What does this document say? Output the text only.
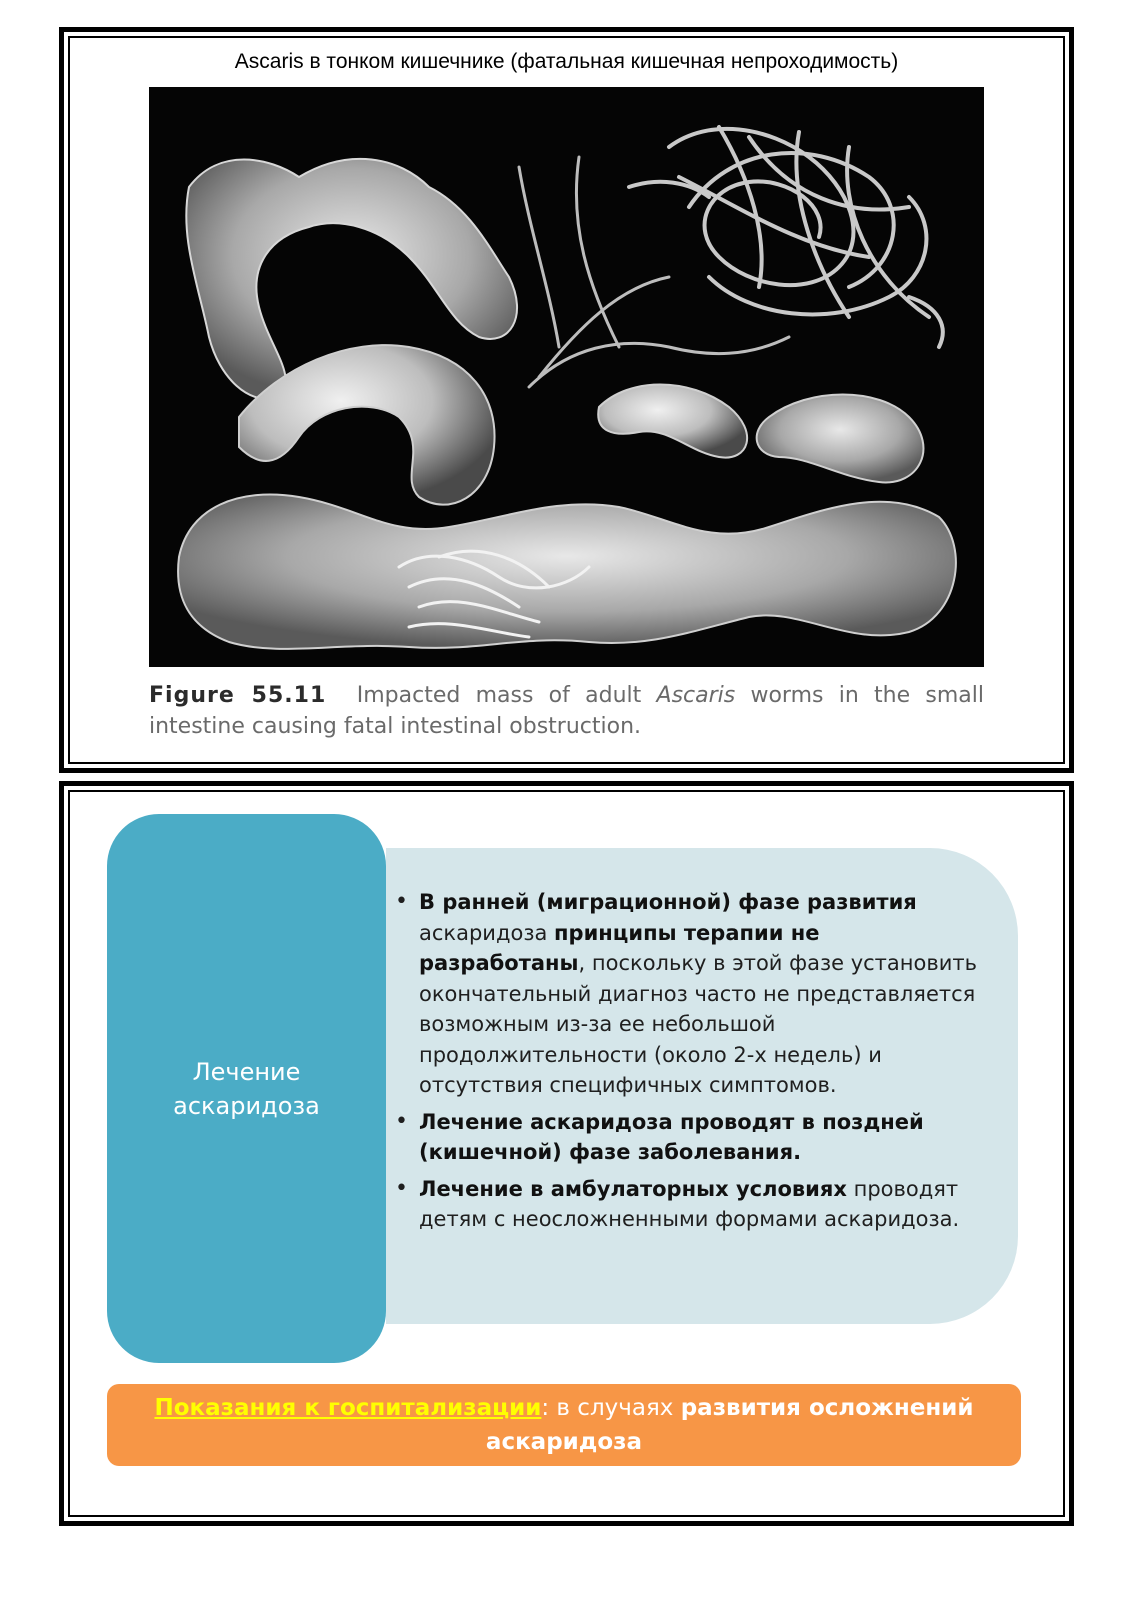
Ascaris в тонком кишечнике (фатальная кишечная непроходимость)
Figure 55.11 Impacted mass of adult Ascaris worms in the small
intestine causing fatal intestinal obstruction.
Лечение
аскаридоза
• В ранней (миграционной) фазе развития аскаридоза принципы терапии не разработаны, поскольку в этой фазе установить окончательный диагноз часто не представляется возможным из-за ее небольшой продолжительности (около 2-х недель) и отсутствия специфичных симптомов.
• Лечение аскаридоза проводят в поздней (кишечной) фазе заболевания.
• Лечение в амбулаторных условиях проводят детям с неосложненными формами аскаридоза.
Показания к госпитализации: в случаях развития осложнений аскаридоза
